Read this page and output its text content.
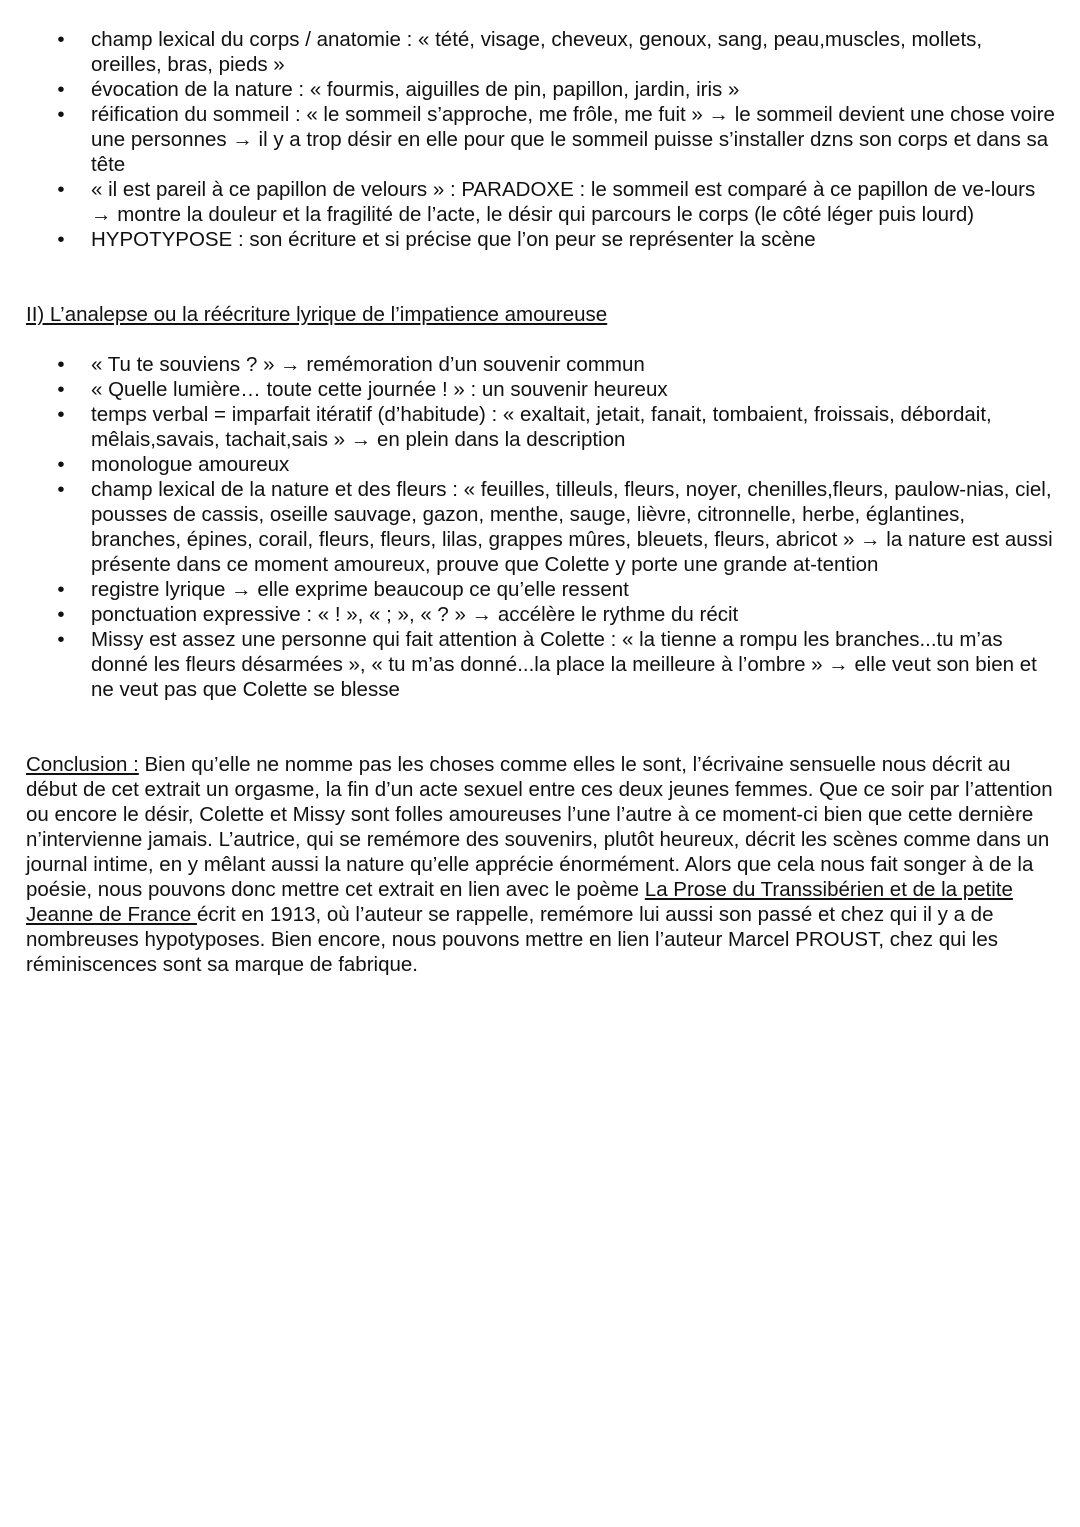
• champ lexical du corps / anatomie : « tété, visage, cheveux, genoux, sang, peau,muscles, mollets, oreilles, bras, pieds »
• évocation de la nature : « fourmis, aiguilles de pin, papillon, jardin, iris »
• réification du sommeil : « le sommeil s’approche, me frôle, me fuit » → le sommeil devient une chose voire une personnes → il y a trop désir en elle pour que le sommeil puisse s’installer dzns son corps et dans sa tête
• « il est pareil à ce papillon de velours » : PARADOXE : le sommeil est comparé à ce papillon de ve-lours → montre la douleur et la fragilité de l’acte, le désir qui parcours le corps (le côté léger puis lourd)
• HYPOTYPOSE : son écriture et si précise que l’on peur se représenter la scène
II) L’analepse ou la réécriture lyrique de l’impatience amoureuse
• « Tu te souviens ? » → remémoration d’un souvenir commun
• « Quelle lumière… toute cette journée ! » : un souvenir heureux
• temps verbal = imparfait itératif (d’habitude) : « exaltait, jetait, fanait, tombaient, froissais, débordait, mêlais,savais, tachait,sais » → en plein dans la description
• monologue amoureux
• champ lexical de la nature et des fleurs : « feuilles, tilleuls, fleurs, noyer, chenilles,fleurs, paulow-nias, ciel, pousses de cassis, oseille sauvage, gazon, menthe, sauge, lièvre, citronnelle, herbe, églantines, branches, épines, corail, fleurs, fleurs, lilas, grappes mûres, bleuets, fleurs, abricot » → la nature est aussi présente dans ce moment amoureux, prouve que Colette y porte une grande at-tention
• registre lyrique → elle exprime beaucoup ce qu’elle ressent
• ponctuation expressive : « ! », « ; », « ? » → accélère le rythme du récit
• Missy est assez une personne qui fait attention à Colette : « la tienne a rompu les branches...tu m’as donné les fleurs désarmées », « tu m’as donné...la place la meilleure à l’ombre » → elle veut son bien et ne veut pas que Colette se blesse

Conclusion : Bien qu’elle ne nomme pas les choses comme elles le sont, l’écrivaine sensuelle nous décrit au début de cet extrait un orgasme, la fin d’un acte sexuel entre ces deux jeunes femmes. Que ce soir par l’attention ou encore le désir, Colette et Missy sont folles amoureuses l’une l’autre à ce moment-ci bien que cette dernière n’intervienne jamais. L’autrice, qui se remémore des souvenirs, plutôt heureux, décrit les scènes comme dans un journal intime, en y mêlant aussi la nature qu’elle apprécie énormément. Alors que cela nous fait songer à de la poésie, nous pouvons donc mettre cet extrait en lien avec le poème La Prose du Transsibérien et de la petite Jeanne de France écrit en 1913, où l’auteur se rappelle, remémore lui aussi son passé et chez qui il y a de nombreuses hypotyposes. Bien encore, nous pouvons mettre en lien l’auteur Marcel PROUST, chez qui les réminiscences sont sa marque de fabrique.
